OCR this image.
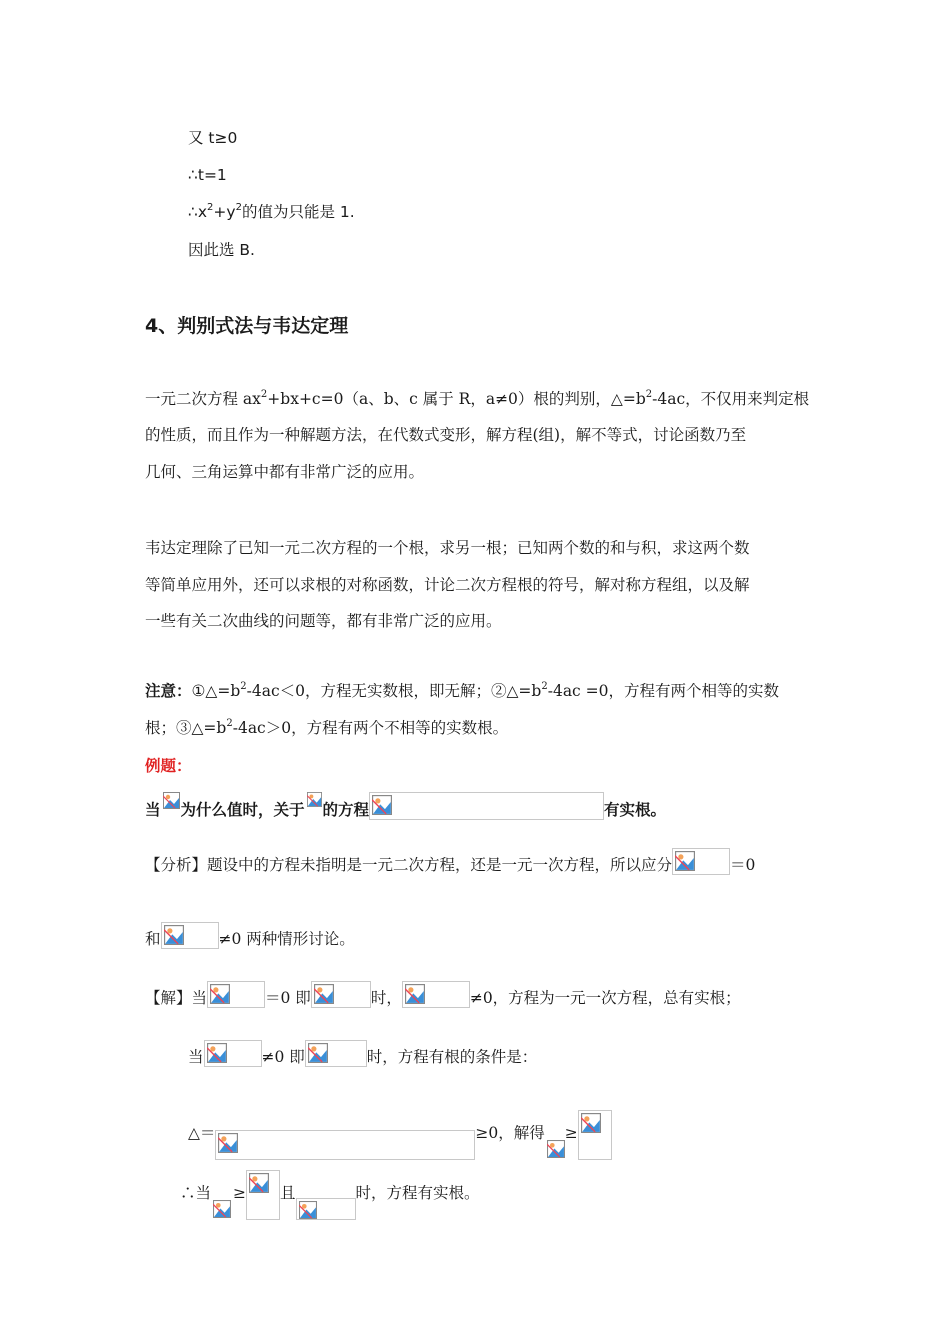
又 t≥0
∴t=1
$\therefore x^2+y^2$的值为只能是 1.
因此选 B.
4、判别式法与韦达定理
一元二次方程 $ax^2+bx+c=0(a$、b、c 属于 R，a≠0）根的判别，$\triangle=b^2-4ac$，不仅用来判定根
的性质，而且作为一种解题方法，在代数式变形，解方程(组)，解不等式，讨论函数乃至
几何、三角运算中都有非常广泛的应用。
韦达定理除了已知一元二次方程的一个根，求另一根；已知两个数的和与积，求这两个数
等简单应用外，还可以求根的对称函数，计论二次方程根的符号，解对称方程组，以及解
一些有关二次曲线的问题等，都有非常广泛的应用。
注意：$①\triangle=b^2-4ac<0$，方程无实数根，即无解；$②\triangle=b^2-4ac =0$，方程有两个相等的实数
根；$③\triangle=b^2-4ac>0$，方程有两个不相等的实数根。
例题：
当 为什么值时，关于 的方程	有实根。
【分析】题设中的方程未指明是一元二次方程，还是一元一次方程，所以应分	＝0
和	≠0 两种情形讨论。
【解】当	＝0 即	时，	≠0，方程为一元一次方程，总有实根；
当	≠0 即	时，方程有根的条件是：
△＝	≥0，解得 ≥
∴当 ≥ 且	时，方程有实根。
